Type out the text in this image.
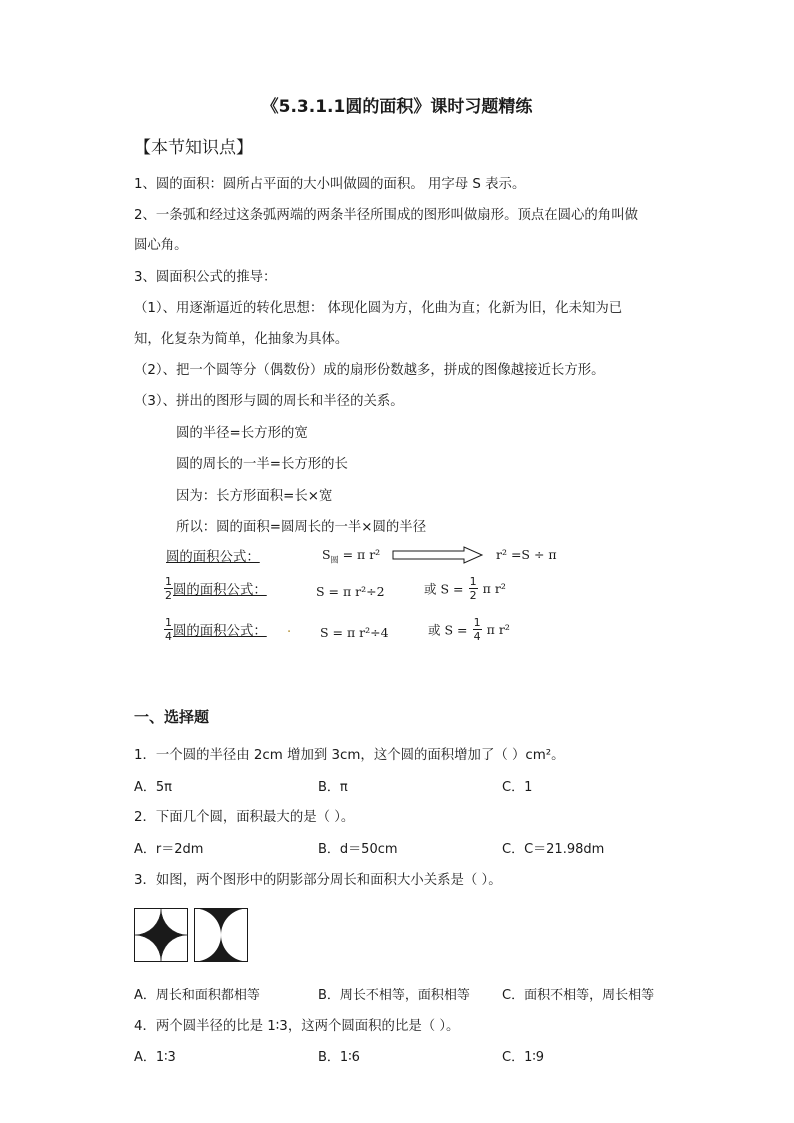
《5.3.1.1圆的面积》课时习题精练
【本节知识点】
1、圆的面积：圆所占平面的大小叫做圆的面积。 用字母 S 表示。
2、一条弧和经过这条弧两端的两条半径所围成的图形叫做扇形。顶点在圆心的角叫做
圆心角。
3、圆面积公式的推导：
（1）、用逐渐逼近的转化思想： 体现化圆为方，化曲为直；化新为旧，化未知为已
知，化复杂为简单，化抽象为具体。
（2）、把一个圆等分（偶数份）成的扇形份数越多，拼成的图像越接近长方形。
（3）、拼出的图形与圆的周长和半径的关系。
圆的半径=长方形的宽
圆的周长的一半=长方形的长
因为：长方形面积=长×宽
所以：圆的面积=圆周长的一半×圆的半径
圆的面积公式：	$S_圆 = \pi$ r²	r² =S ÷ π
$\frac{1}{2}$ 圆的面积公式：	S = π r²÷2	或 $S = \frac{1}{2}$ π r²
$\frac{1}{4}$ 圆的面积公式： . S = π r²÷4	或 $S = \frac{1}{4}$ π r²
一、选择题
1．一个圆的半径由 2cm 增加到 3cm，这个圆的面积增加了（ ）cm²。
A．5π	B．π	C．1
2．下面几个圆，面积最大的是（ ）。
A．r＝2dm	B．d＝50cm	C．C＝21.98dm
3．如图，两个图形中的阴影部分周长和面积大小关系是（ ）。
A．周长和面积都相等	B．周长不相等，面积相等 C．面积不相等，周长相等
4．两个圆半径的比是 1∶3，这两个圆面积的比是（ ）。
A．1∶3	B．1∶6	C．1∶9
